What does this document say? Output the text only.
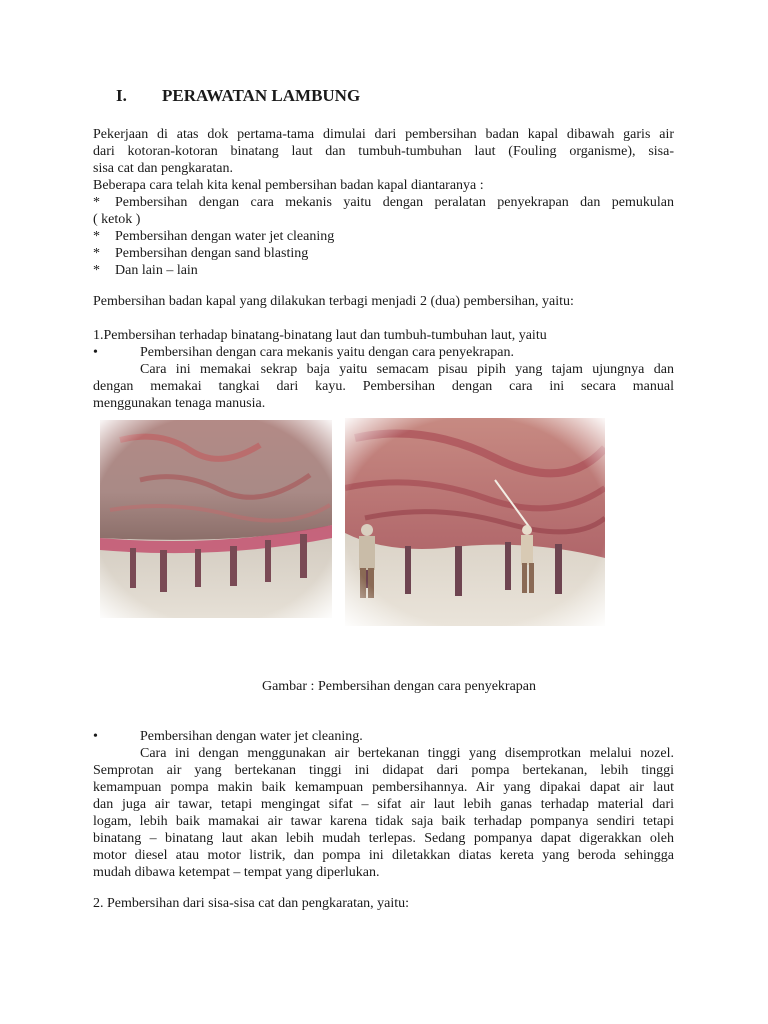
I. PERAWATAN LAMBUNG
Pekerjaan di atas dok pertama-tama dimulai dari pembersihan badan kapal dibawah garis air
dari kotoran-kotoran binatang laut dan tumbuh-tumbuhan laut (Fouling organisme), sisa-
sisa cat dan pengkaratan.
Beberapa cara telah kita kenal pembersihan badan kapal diantaranya :
*	Pembersihan dengan cara mekanis yaitu dengan peralatan penyekrapan dan pemukulan
( ketok )
*	Pembersihan dengan water jet cleaning
*	Pembersihan dengan sand blasting
*	Dan lain – lain
Pembersihan badan kapal yang dilakukan terbagi menjadi 2 (dua) pembersihan, yaitu:
1.Pembersihan terhadap binatang-binatang laut dan tumbuh-tumbuhan laut, yaitu
•	Pembersihan dengan cara mekanis yaitu dengan cara penyekrapan.
Cara ini memakai sekrap baja yaitu semacam pisau pipih yang tajam ujungnya dan
dengan memakai tangkai dari kayu. Pembersihan dengan cara ini secara manual
menggunakan tenaga manusia.
Gambar : Pembersihan dengan cara penyekrapan
•	Pembersihan dengan water jet cleaning.
Cara ini dengan menggunakan air bertekanan tinggi yang disemprotkan melalui nozel.
Semprotan air yang bertekanan tinggi ini didapat dari pompa bertekanan, lebih tinggi
kemampuan pompa makin baik kemampuan pembersihannya. Air yang dipakai dapat air laut
dan juga air tawar, tetapi mengingat sifat – sifat air laut lebih ganas terhadap material dari
logam, lebih baik mamakai air tawar karena tidak saja baik terhadap pompanya sendiri tetapi
binatang – binatang laut akan lebih mudah terlepas. Sedang pompanya dapat digerakkan oleh
motor diesel atau motor listrik, dan pompa ini diletakkan diatas kereta yang beroda sehingga
mudah dibawa ketempat – tempat yang diperlukan.
2. Pembersihan dari sisa-sisa cat dan pengkaratan, yaitu:
